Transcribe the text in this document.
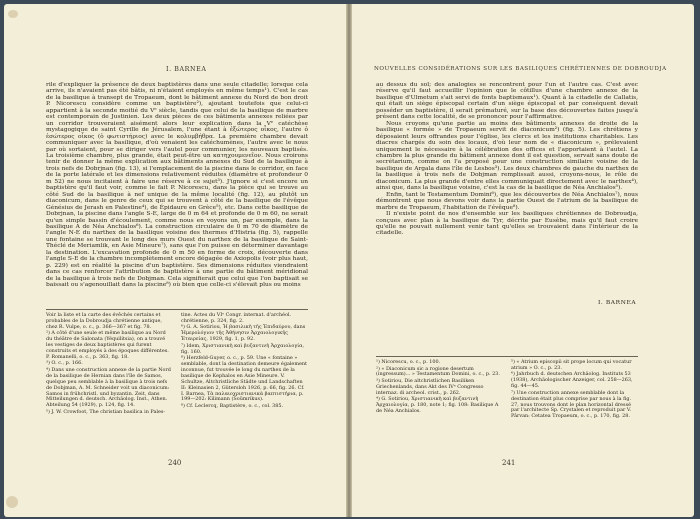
I. BARNEA

rile d'expliquer la présence de deux baptistères dans une seule citadelle; lorsque cela arrive, ils n'avaient pas été bâtis, ni n'étaient employés en même temps¹). C'est le cas de la basilique à transept de Tropaeum, dont le bâtiment annexe du Nord de bon droit P. Nicorescu considère comme un baptistère²), ajoutant toutefois que celui-ci appartient à la seconde moitié du Vᵉ siècle, tandis que celui de la basilique de marbre est contemporain de Justinien. Les deux pièces de ces bâtiments annexes reliées par un corridor trouveraient aisément alors leur explication dans la Vᵉ catéchèse mystagogique de saint Cyrille de Jérusalem, l'une étant à ἐξώτερος οἶκος, l'autre ὁ ἐσώτερος οἶκος (ὁ φωτιστήριος) avec le κολυμβήθρα. La première chambre devait communiquer avec la basilique, d'où venaient les catéchumènes, l'autre avec le nous par où sortaient, pour se diriger vers l'autel pour communier, les nouveaux baptisés. La troisième chambre, plus grande, était peut-être un κατηχουμενεῖον. Nous croirons tenir de donner la même explication aux bâtiments annexes du Sud de la basilique à trois nefs de Dobrjnan (fig. 13), si l'emplacement de la piscine dans le corridor, en face de la porte latérale et les dimensions relativement réduites (diamètre et profondeur 0 m 52) ne nous incitaient à faire une réserve à ce sujet³). J'ignore si c'est encore un baptistère qu'il faut voir, comme le fait P. Nicorescu, dans la pièce qui se trouve au côté Sud de la basilique à nef unique de la même localité (fig. 12), au plutôt un diaconicum, dans le genre de ceux qui se trouvent à côté de la basilique de l'évêque Génésius de Jerash en Palestine⁴), de Épidaure en Grèce⁵), etc. Dans cette basilique de Dobrjnan, la piscine dans l'angle S-E, large de 0 m 64 et profonde de 0 m 60, ne serait qu'un simple bassin d'écoulement, comme nous en voyons un, par exemple, dans la basilique A de Néa Anchialos⁶). La construction circulaire de 0 m 70 de diamètre de l'angle N-E du narthex de la basilique voisine des thermes d'Histria (fig. 5), rappelle une fontaine se trouvant le long des murs Ouest du narthex de la basilique de Saint-Théclé de Meriamlik, en Asie Mineure⁷), sans que l'on puisse en déterminer davantage la destination. L'excavation profonde de 0 m 50 en forme de croix, découverte dans l'angle S-E de la chambre incomplètement encore dégagée de Axiopolis (voir plus haut, p. 229) est en réalité la piscine d'un baptistère. Ses dimensions réduites viendraient dans ce cas renforcer l'attribution de baptistère à une partie du bâtiment méridional de la basilique à trois nefs de Dobjman. Cela signifierait que celui que l'on baptisait se baissait ou s'agenouillait dans la piscine⁸) où bien que celle-ci s'élevait plus ou moins

Voir la liste et la carte des évêchés certains et probables de la Dobroudja chrétienne antique, chez R. Vulpe, o. c., p. 366—367 et fig. 78.
²) A côté d'une seule et même basilique au Nord du théâtre de Salonata (Yéquilitsia), on a trouvé les vestiges de deux baptistères qui furent construits et employés à des époques différentes. P. Romanelli, o. c., p. 363, fig. 18.
³) O. c., p. 166.
⁴) Dans une construction annexe de la partie Nord de la basilique de Hernian dans l'île de Samos, quelque peu semblable à la basilique à trois nefs de Dobjman, A. M. Schneider voit un diaconicum: Samos in frühchristl. und byzantin. Zeit, dans Mitteilungen d. deutsch. Archäolog. Inst., Athen. Abteilung 54 (1929), p. 124, fig. 14.
⁵) J. W. Crowfoot, The christian basilica in Pales-
tine. Actes du VIᵉ Congr. internat. d'archéol. chrétienne, p. 324, fig. 2.
⁶) G. A. Sotiriou, Ἡ βασιλικὴ τῆς Ἐπιδαύρου, dans Ἡμερολόγιον τῆς Ἀθήνησιν Ἀρχαιολογικῆς Ἑταιρείας, 1929, fig. 1, p. 92.
⁷) Idem, Χριστιανικὴ καὶ βυζαντινὴ Ἀρχαιολογία, fig. 160.
⁸) Herzfeld-Guyer, o. c., p. 59. Une « fontaine » semblable, dont la destination demeure également inconnue, fut trouvée le long du narthex de la basilique de Kephalos en Asie Mineure. V. Schultze, Altchristliche Städte und Landschaften II: Kleinasien 2, Gütersloh 1926, p. 66, fig. 26. Cf. I. Barnea, Τὰ παλαιοχριστιανικὰ βαπτιστήρια, p. 199—202: Kilimann (Soûmrikus).
⁸) Cf. Leclercq, Baptistère, o. c., col. 385.
240
NOUVELLES CONSIDÉRATIONS SUR LES BASILIQUES CHRÉTIENNES DE DOBROUDJA

au dessus du sol; des analogies se rencontrent pour l'un et l'autre cas. C'est avec réserve qu'il faut accueillir l'opinion que le côtillus d'une chambre annexe de la basilique d'Ulmetum s'ait servi de fonts baptismaux¹). Quant à la citadelle de Callatis, qui était un siège épiscopal certain d'un siège épiscopal et par conséquent devait posséder un baptistère, il serait prématuré, sur la base des découvertes faites jusqu'à présent dans cette localité, de se prononcer pour l'affirmative.

Nous croyons qu'une partie au moins des bâtiments annexes de droite de la basilique « formée » de Tropaeum servit de diaconicum²) (fig. 5). Les chrétiens y déposaient leurs offrandes pour l'église, les clercs et les institutions charitables. Les diacres chargés du soin des locaux, d'où leur nom de « diaconicum », prélevaient uniquement le nécessaire à la célébration des offices et l'apportaient à l'autel. La chambre la plus grande du bâtiment annexe dont il est question, servait sans doute de secrétarium, comme on l'a proposé pour une construction similaire voisine de la basilique de Argala dans l'île de Lesbos³). Les deux chambres de gauche du narthex de la basilique à trois nefs de Dobjman remplissait aussi, croyons-nous, le rôle de diaconicum. La plus grande d'entre elles communiquait directement avec le narthex⁴), ainsi que, dans la basilique voisine, c'est la cas de la basilique de Néa Anchialos⁵).

Enfin, tant le Testamentum Domini⁶), que les découvertes de Néa Anchialos⁷), nous démontrent que nous devons voir dans la partie Ouest de l'atrium de la basilique de marbre de Tropaeum, l'habitation de l'évêque⁸).

Il n'existe point de nos d'ensemble sur les basiliques chrétiennes de Dobroudja, conçues avec plan à la basilique de Tyr, décrite par Eusèbe, mais qu'il faut croire qu'elle ne pouvait nullement venir tant qu'elles se trouvaient dans l'intérieur de la citadelle.

I. BARNEA
¹) Nicorescu, o. c., p. 100.
²) « Diaconicum sic a rogione desertum (ingressum)... » Testamentum Domini, o. c., p. 23.
³) Sotiriou, Die altchristlichen Basiliken Griechenlands, dans Akt des IVᵉ Congresso internaz. di archeol. crist., p. 262.
⁴) G. Sotiriou, Χριστιανικὴ καὶ βυζαντινὴ Ἀρχαιολογία, p. 180, note 1; fig. 108: Basilique A de Néa Anchialos.
⁵) « Atrium episcopii sit prope locum qui vocatur atrium » O. c., p. 23.
⁶) Jahrbuch d. deutschen Archäolog. Instituts 53 (1938), Archäologischer Anzeiger, col. 258—263, fig. 44—45.
⁷) Une construction annexe semblable dont la destination était plus comprise par nous à la fig. 27, nous trouvons dont le plan horizontal dressé par l'architecte Sp. Crystalen et reproduit par V. Pârvan: Cetatea Tropaeum, o. c., p. 170, fig. 28.
241
